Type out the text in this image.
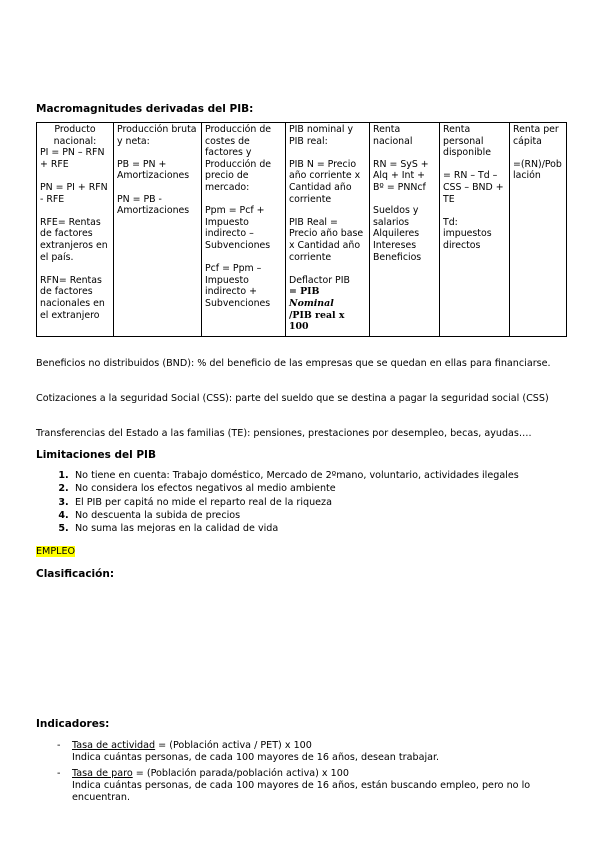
Macromagnitudes derivadas del PIB:
Producto nacional:
PI = PN – RFN + RFE
PN = PI + RFN - RFE
RFE= Rentas de factores extranjeros en el país.
RFN= Rentas de factores nacionales en el extranjero

Producción bruta y neta:
PB = PN + Amortizaciones
PN = PB - Amortizaciones

Producción de costes de factores y Producción de precio de mercado:
Ppm = Pcf + Impuesto indirecto – Subvenciones
Pcf = Ppm – Impuesto indirecto + Subvenciones

PIB nominal y PIB real:
PIB N = Precio año corriente x Cantidad año corriente
PIB Real = Precio año base x Cantidad año corriente
Deflactor PIB
= PIB
Nominal
/PIB real x
100

Renta nacional
RN = SyS + Alq + Int + Bº = PNNcf
Sueldos y salarios
Alquileres
Intereses
Beneficios

Renta personal disponible
= RN – Td – CSS – BND + TE
Td: impuestos directos

Renta per cápita
=(RN)/Población
Beneficios no distribuidos (BND): % del beneficio de las empresas que se quedan en ellas para financiarse.
Cotizaciones a la seguridad Social (CSS): parte del sueldo que se destina a pagar la seguridad social (CSS)
Transferencias del Estado a las familias (TE): pensiones, prestaciones por desempleo, becas, ayudas….
Limitaciones del PIB
1. No tiene en cuenta: Trabajo doméstico, Mercado de 2ºmano, voluntario, actividades ilegales
2. No considera los efectos negativos al medio ambiente
3. El PIB per capitá no mide el reparto real de la riqueza
4. No descuenta la subida de precios
5. No suma las mejoras en la calidad de vida
EMPLEO
Clasificación:
Indicadores:
- Tasa de actividad = (Población activa / PET) x 100
Indica cuántas personas, de cada 100 mayores de 16 años, desean trabajar.
- Tasa de paro = (Población parada/población activa) x 100
Indica cuántas personas, de cada 100 mayores de 16 años, están buscando empleo, pero no lo encuentran.
